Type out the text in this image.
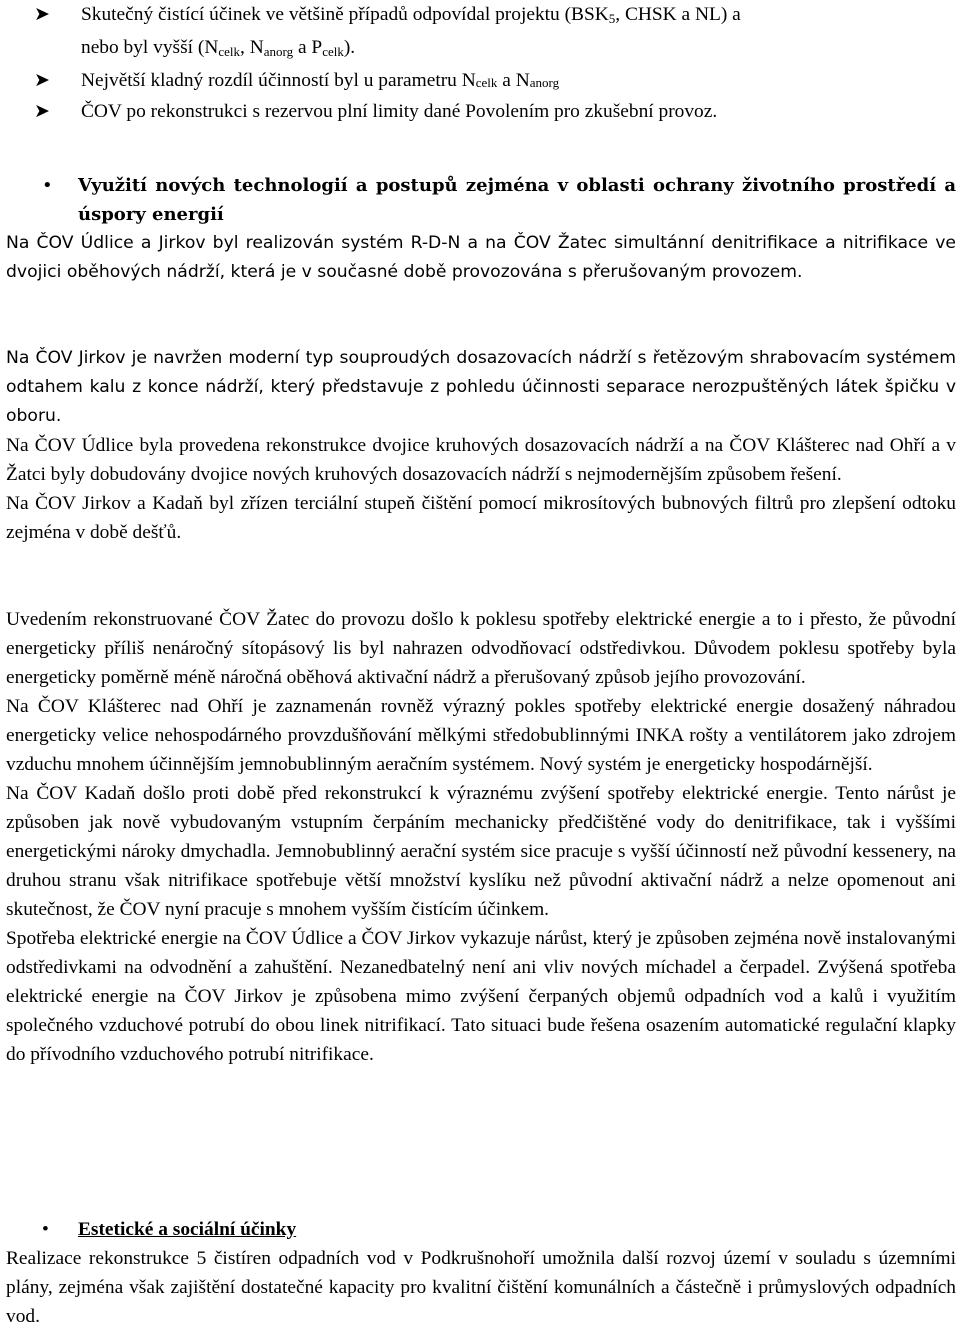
➤ Skutečný čistící účinek ve většině případů odpovídal projektu ($BSK_5$, CHSK a NL) a
nebo byl vyšší ($N_{celk}$, $N_{anorg}$ a $P_{celk}$).
➤ Největší kladný rozdíl účinností byl u parametru Ncelk a Nanorg
➤ ČOV po rekonstrukci s rezervou plní limity dané Povolením pro zkušební provoz.
• Využití nových technologií a postupů zejména v oblasti ochrany životního prostředí a úspory energií

Na ČOV Údlice a Jirkov byl realizován systém R-D-N a na ČOV Žatec simultánní denitrifikace a nitrifikace ve dvojici oběhových nádrží, která je v současné době provozována s přerušovaným provozem.

Na ČOV Jirkov je navržen moderní typ souproudých dosazovacích nádrží s řetězovým shrabovacím systémem odtahem kalu z konce nádrží, který představuje z pohledu účinnosti separace nerozpuštěných látek špičku v oboru.

Na ČOV Údlice byla provedena rekonstrukce dvojice kruhových dosazovacích nádrží a na ČOV Klášterec nad Ohří a v Žatci byly dobudovány dvojice nových kruhových dosazovacích nádrží s nejmodernějším způsobem řešení.

Na ČOV Jirkov a Kadaň byl zřízen terciální stupeň čištění pomocí mikrosítových bubnových filtrů pro zlepšení odtoku zejména v době dešťů.

Uvedením rekonstruované ČOV Žatec do provozu došlo k poklesu spotřeby elektrické energie a to i přesto, že původní energeticky příliš nenáročný sítopásový lis byl nahrazen odvodňovací odstředivkou. Důvodem poklesu spotřeby byla energeticky poměrně méně náročná oběhová aktivační nádrž a přerušovaný způsob jejího provozování.

Na ČOV Klášterec nad Ohří je zaznamenán rovněž výrazný pokles spotřeby elektrické energie dosažený náhradou energeticky velice nehospodárného provzdušňování mělkými středobublinnými INKA rošty a ventilátorem jako zdrojem vzduchu mnohem účinnějším jemnobublinným aeračním systémem. Nový systém je energeticky hospodárnější.

Na ČOV Kadaň došlo proti době před rekonstrukcí k výraznému zvýšení spotřeby elektrické energie. Tento nárůst je způsoben jak nově vybudovaným vstupním čerpáním mechanicky předčištěné vody do denitrifikace, tak i vyššími energetickými nároky dmychadla. Jemnobublinný aerační systém sice pracuje s vyšší účinností než původní kessenery, na druhou stranu však nitrifikace spotřebuje větší množství kyslíku než původní aktivační nádrž a nelze opomenout ani skutečnost, že ČOV nyní pracuje s mnohem vyšším čistícím účinkem.

Spotřeba elektrické energie na ČOV Údlice a ČOV Jirkov vykazuje nárůst, který je způsoben zejména nově instalovanými odstředivkami na odvodnění a zahuštění. Nezanedbatelný není ani vliv nových míchadel a čerpadel. Zvýšená spotřeba elektrické energie na ČOV Jirkov je způsobena mimo zvýšení čerpaných objemů odpadních vod a kalů i využitím společného vzduchové potrubí do obou linek nitrifikací. Tato situaci bude řešena osazením automatické regulační klapky do přívodního vzduchového potrubí nitrifikace.

• Estetické a sociální účinky

Realizace rekonstrukce 5 čistíren odpadních vod v Podkrušnohoří umožnila další rozvoj území v souladu s územními plány, zejména však zajištění dostatečné kapacity pro kvalitní čištění komunálních a částečně i průmyslových odpadních vod.
